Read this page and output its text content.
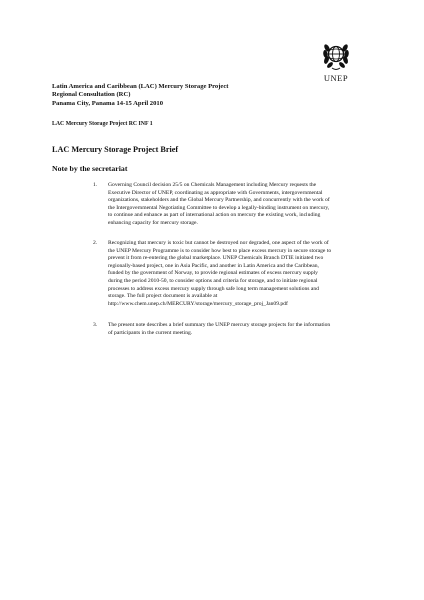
UNEP
Latin America and Caribbean (LAC) Mercury Storage Project
Regional Consultation (RC)
Panama City, Panama 14-15 April 2010
LAC Mercury Storage Project RC INF 1
LAC Mercury Storage Project Brief
Note by the secretariat
1. Governing Council decision 25/5 on Chemicals Management including Mercury requests the
Executive Director of UNEP, coordinating as appropriate with Governments, intergovernmental
organizations, stakeholders and the Global Mercury Partnership, and concurrently with the work of
the Intergovernmental Negotiating Committee to develop a legally-binding instrument on mercury,
to continue and enhance as part of international action on mercury the existing work, including
enhancing capacity for mercury storage.
2. Recognizing that mercury is toxic but cannot be destroyed nor degraded, one aspect of the work of
the UNEP Mercury Programme is to consider how best to place excess mercury in secure storage to
prevent it from re-entering the global marketplace. UNEP Chemicals Branch DTIE initiated two
regionally-based project, one in Asia Pacific, and another in Latin America and the Caribbean,
funded by the government of Norway, to provide regional estimates of excess mercury supply
during the period 2010-50, to consider options and criteria for storage, and to initiate regional
processes to address excess mercury supply through safe long term management solutions and
storage. The full project document is available at
http://www.chem.unep.ch/MERCURY/storage/mercury_storage_proj_Jan09.pdf
3. The present note describes a brief summary the UNEP mercury storage projects for the information
of participants in the current meeting.
